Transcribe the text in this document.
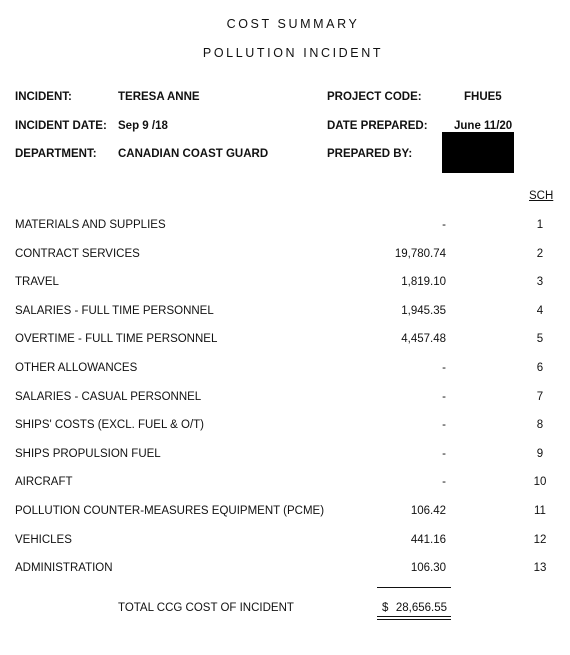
COST SUMMARY
POLLUTION INCIDENT
INCIDENT:	TERESA ANNE	PROJECT CODE:	FHUE5
INCIDENT DATE: Sep 9 /18	DATE PREPARED: June 11/20
DEPARTMENT: CANADIAN COAST GUARD	PREPARED BY:
SCH
MATERIALS AND SUPPLIES	-	1
CONTRACT SERVICES	19,780.74	2
TRAVEL	1,819.10	3
SALARIES - FULL TIME PERSONNEL	1,945.35	4
OVERTIME - FULL TIME PERSONNEL	4,457.48	5
OTHER ALLOWANCES	-	6
SALARIES - CASUAL PERSONNEL	-	7
SHIPS' COSTS (EXCL. FUEL & O/T)	-	8
SHIPS PROPULSION FUEL	-	9
AIRCRAFT	-	10
POLLUTION COUNTER-MEASURES EQUIPMENT (PCME)	106.42	11
VEHICLES	441.16	12
ADMINISTRATION	106.30	13
TOTAL CCG COST OF INCIDENT	$ 28,656.55
